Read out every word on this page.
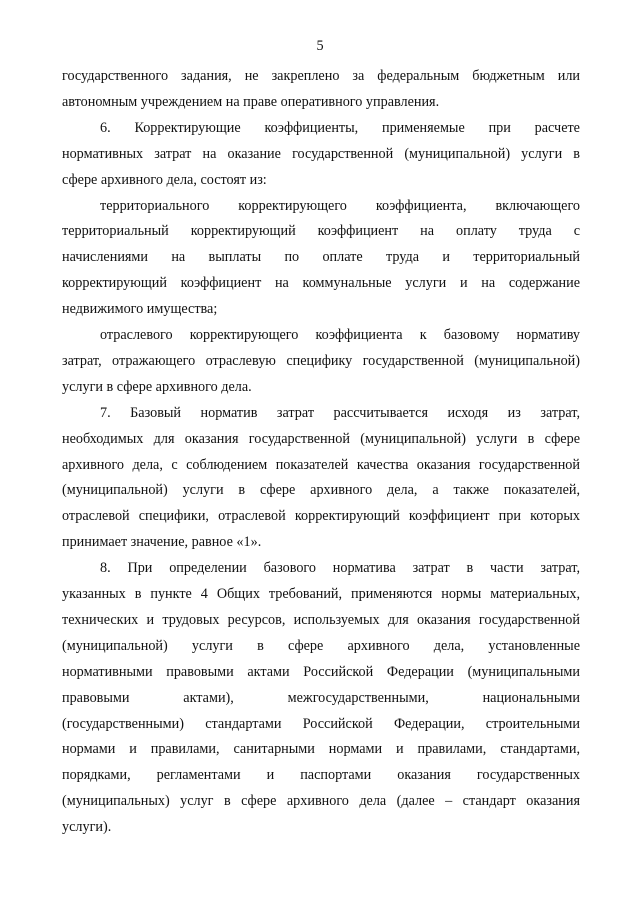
5
государственного задания, не закреплено за федеральным бюджетным или
автономным учреждением на праве оперативного управления.
6. Корректирующие коэффициенты, применяемые при расчете
нормативных затрат на оказание государственной (муниципальной) услуги в
сфере архивного дела, состоят из:
территориального корректирующего коэффициента, включающего
территориальный корректирующий коэффициент на оплату труда с
начислениями на выплаты по оплате труда и территориальный
корректирующий коэффициент на коммунальные услуги и на содержание
недвижимого имущества;
отраслевого корректирующего коэффициента к базовому нормативу
затрат, отражающего отраслевую специфику государственной (муниципальной)
услуги в сфере архивного дела.
7. Базовый норматив затрат рассчитывается исходя из затрат,
необходимых для оказания государственной (муниципальной) услуги в сфере
архивного дела, с соблюдением показателей качества оказания государственной
(муниципальной) услуги в сфере архивного дела, а также показателей,
отраслевой специфики, отраслевой корректирующий коэффициент при которых
принимает значение, равное «1».
8. При определении базового норматива затрат в части затрат,
указанных в пункте 4 Общих требований, применяются нормы материальных,
технических и трудовых ресурсов, используемых для оказания государственной
(муниципальной) услуги в сфере архивного дела, установленные
нормативными правовыми актами Российской Федерации (муниципальными
правовыми актами), межгосударственными, национальными
(государственными) стандартами Российской Федерации, строительными
нормами и правилами, санитарными нормами и правилами, стандартами,
порядками, регламентами и паспортами оказания государственных
(муниципальных) услуг в сфере архивного дела (далее – стандарт оказания
услуги).
